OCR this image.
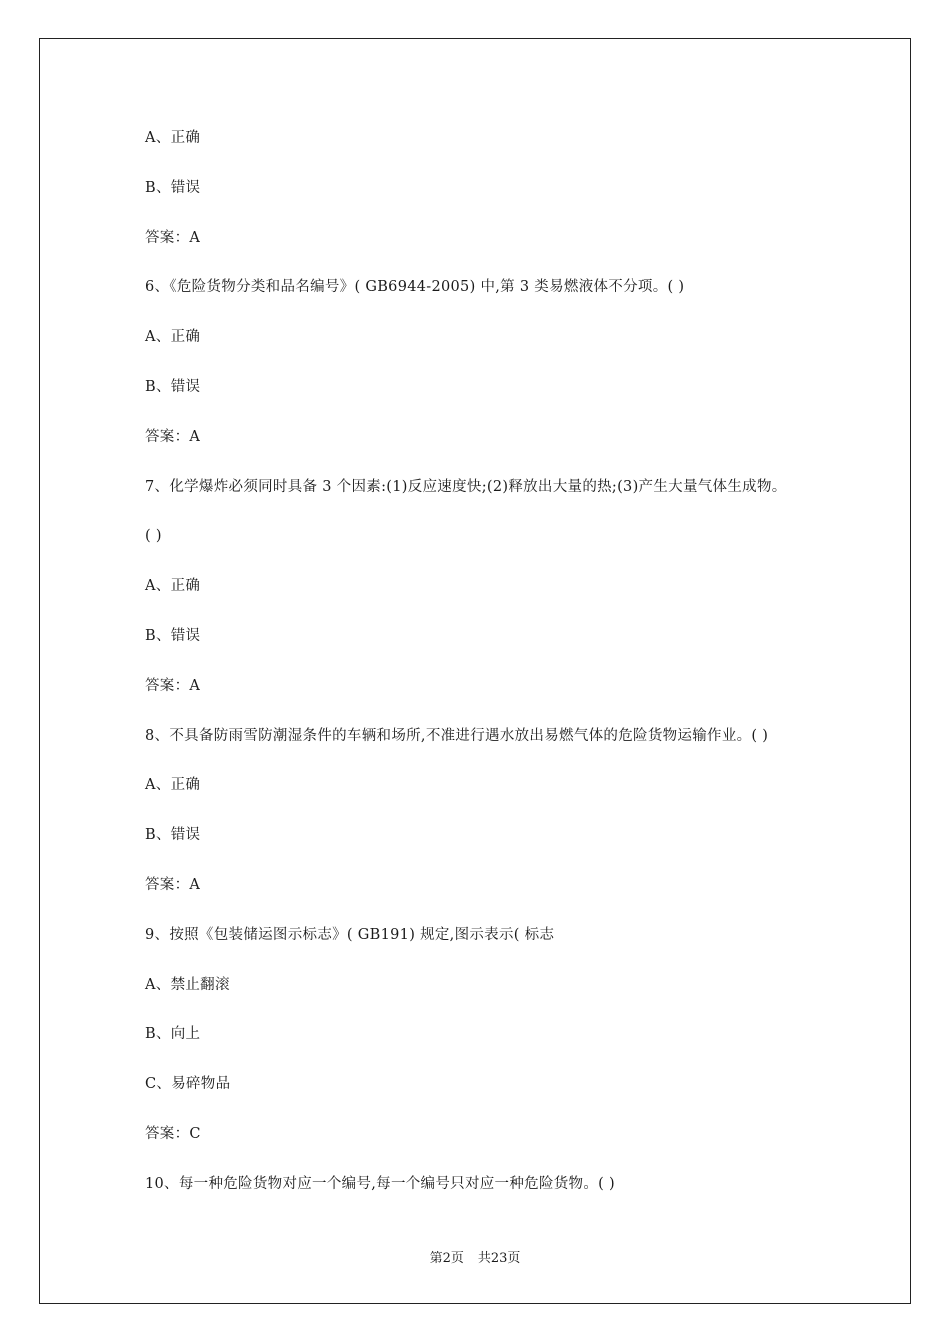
A、正确
B、错误
答案：A
6、《危险货物分类和品名编号》( GB6944-2005) 中,第 3 类易燃液体不分项。( )
A、正确
B、错误
答案：A
7、化学爆炸必须同时具备 3 个因素:(1)反应速度快;(2)释放出大量的热;(3)产生大量气体生成物。
( )
A、正确
B、错误
答案：A
8、不具备防雨雪防潮湿条件的车辆和场所,不准进行遇水放出易燃气体的危险货物运输作业。( )
A、正确
B、错误
答案：A
9、按照《包装储运图示标志》( GB191) 规定,图示表示( 标志
A、禁止翻滚
B、向上
C、易碎物品
答案：C
10、每一种危险货物对应一个编号,每一个编号只对应一种危险货物。( )
第2页 共23页
